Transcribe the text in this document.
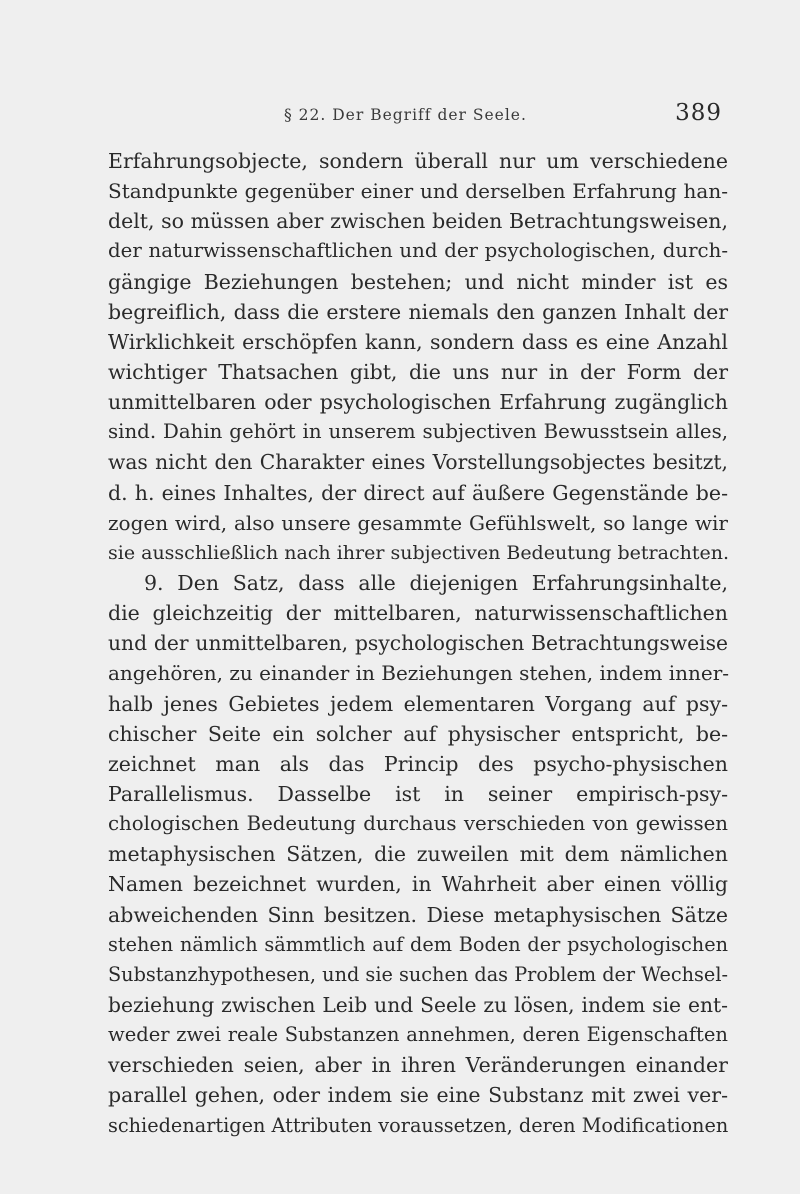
§ 22. Der Begriff der Seele.	389
Erfahrungsobjecte, sondern überall nur um verschiedene
Standpunkte gegenüber einer und derselben Erfahrung han-
delt, so müssen aber zwischen beiden Betrachtungsweisen,
der naturwissenschaftlichen und der psychologischen, durch-
gängige Beziehungen bestehen; und nicht minder ist es
begreiflich, dass die erstere niemals den ganzen Inhalt der
Wirklichkeit erschöpfen kann, sondern dass es eine Anzahl
wichtiger Thatsachen gibt, die uns nur in der Form der
unmittelbaren oder psychologischen Erfahrung zugänglich
sind. Dahin gehört in unserem subjectiven Bewusstsein alles,
was nicht den Charakter eines Vorstellungsobjectes besitzt,
d. h. eines Inhaltes, der direct auf äußere Gegenstände be-
zogen wird, also unsere gesammte Gefühlswelt, so lange wir
sie ausschließlich nach ihrer subjectiven Bedeutung betrachten.
9. Den Satz, dass alle diejenigen Erfahrungsinhalte,
die gleichzeitig der mittelbaren, naturwissenschaftlichen
und der unmittelbaren, psychologischen Betrachtungsweise
angehören, zu einander in Beziehungen stehen, indem inner-
halb jenes Gebietes jedem elementaren Vorgang auf psy-
chischer Seite ein solcher auf physischer entspricht, be-
zeichnet man als das Princip des psycho-physischen
Parallelismus. Dasselbe ist in seiner empirisch-psy-
chologischen Bedeutung durchaus verschieden von gewissen
metaphysischen Sätzen, die zuweilen mit dem nämlichen
Namen bezeichnet wurden, in Wahrheit aber einen völlig
abweichenden Sinn besitzen. Diese metaphysischen Sätze
stehen nämlich sämmtlich auf dem Boden der psychologischen
Substanzhypothesen, und sie suchen das Problem der Wechsel-
beziehung zwischen Leib und Seele zu lösen, indem sie ent-
weder zwei reale Substanzen annehmen, deren Eigenschaften
verschieden seien, aber in ihren Veränderungen einander
parallel gehen, oder indem sie eine Substanz mit zwei ver-
schiedenartigen Attributen voraussetzen, deren Modificationen
